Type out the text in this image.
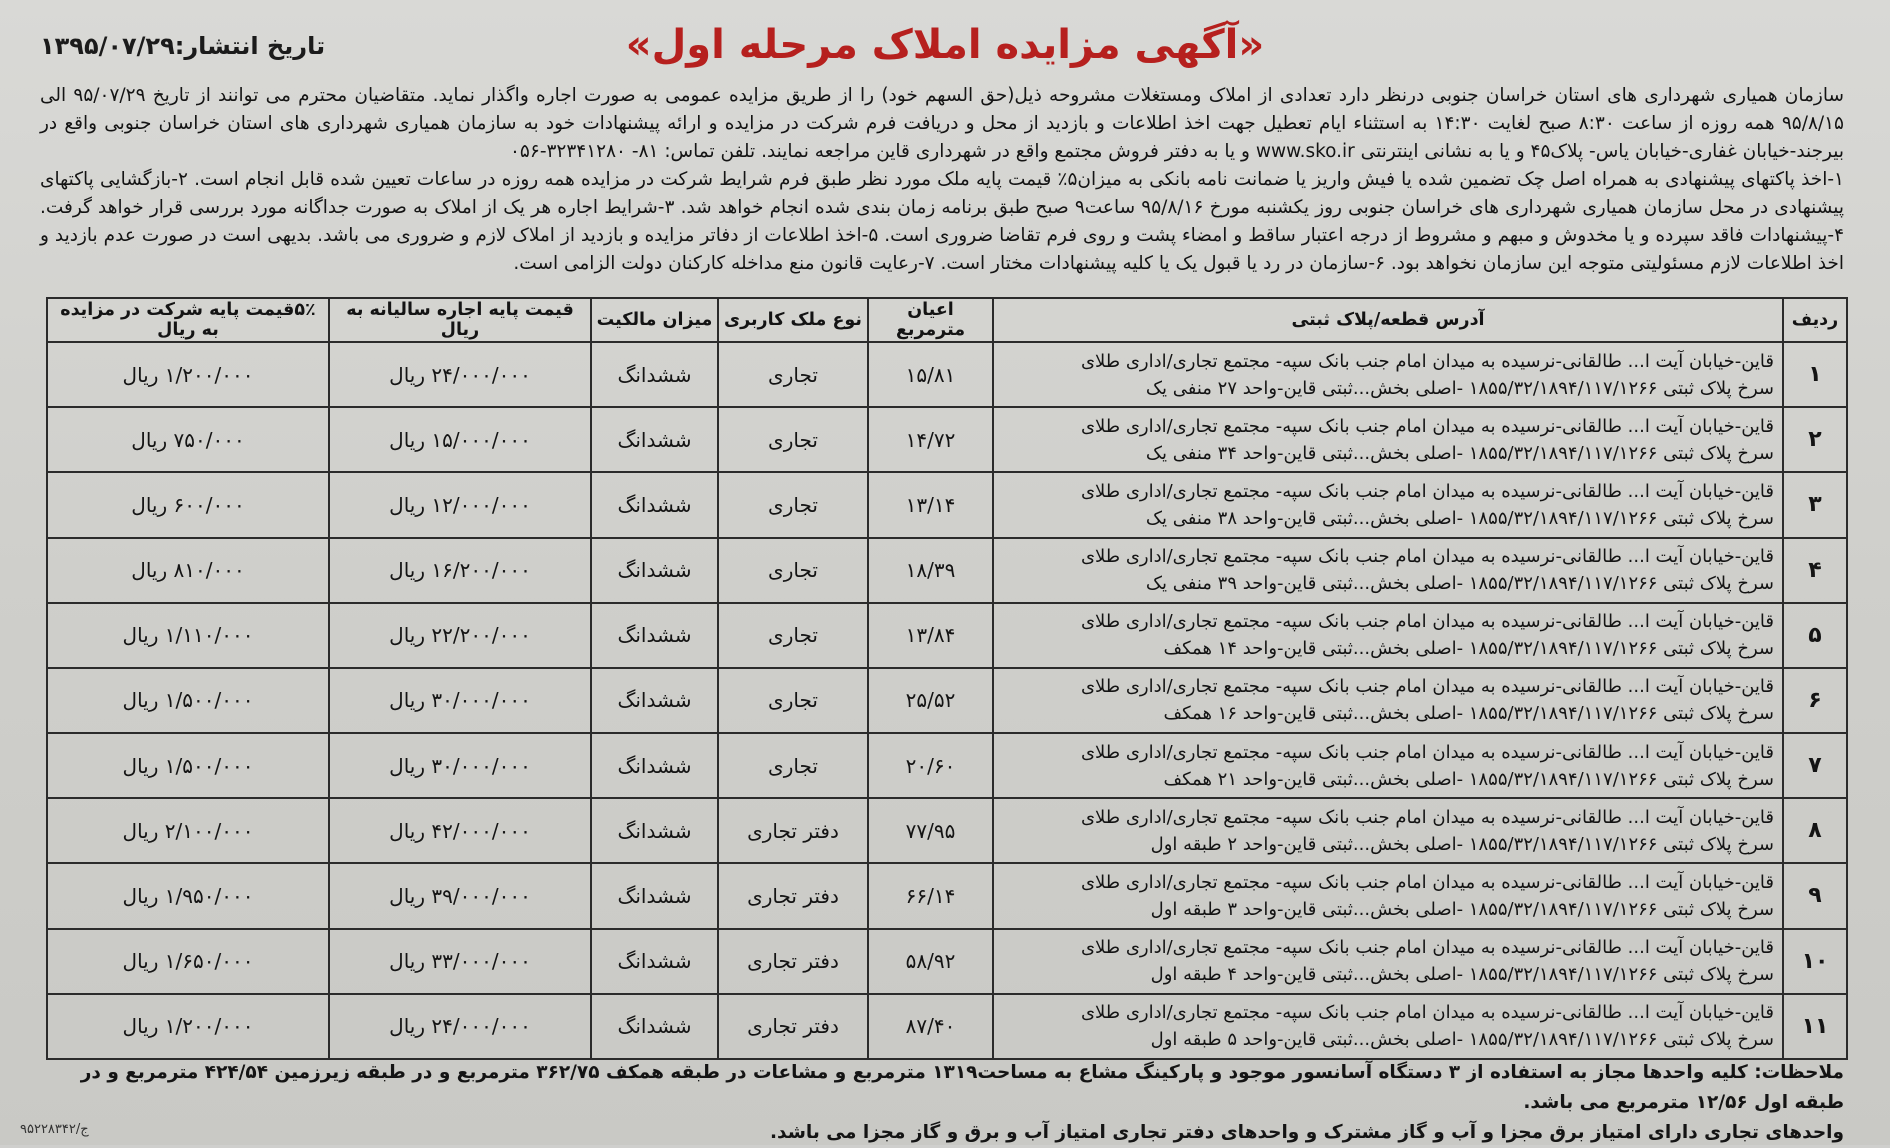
«آگهی مزایده املاک مرحله اول»
تاریخ انتشار:۱۳۹۵/۰۷/۲۹

سازمان همیاری شهرداری های استان خراسان جنوبی درنظر دارد تعدادی از املاک ومستغلات مشروحه ذیل(حق السهم خود) را از طریق مزایده عمومی به صورت اجاره واگذار نماید. متقاضیان محترم می توانند از تاریخ ۹۵/۰۷/۲۹ الی ۹۵/۸/۱۵ همه روزه از ساعت ۸:۳۰ صبح لغایت ۱۴:۳۰ به استثناء ایام تعطیل جهت اخذ اطلاعات و بازدید از محل و دریافت فرم شرکت در مزایده و ارائه پیشنهادات خود به سازمان همیاری شهرداری های استان خراسان جنوبی واقع در بیرجند-خیابان غفاری-خیابان یاس- پلاک۴۵ و یا به نشانی اینترنتی www.sko.ir و یا به دفتر فروش مجتمع واقع در شهرداری قاین مراجعه نمایند. تلفن تماس: ۸۱- ۳۲۳۴۱۲۸۰-۰۵۶

۱-اخذ پاکتهای پیشنهادی به همراه اصل چک تضمین شده یا فیش واریز یا ضمانت نامه بانکی به میزان۵٪ قیمت پایه ملک مورد نظر طبق فرم شرایط شرکت در مزایده همه روزه در ساعات تعیین شده قابل انجام است. ۲-بازگشایی پاکتهای پیشنهادی در محل سازمان همیاری شهرداری های خراسان جنوبی روز یکشنبه مورخ ۹۵/۸/۱۶ ساعت۹ صبح طبق برنامه زمان بندی شده انجام خواهد شد. ۳-شرایط اجاره هر یک از املاک به صورت جداگانه مورد بررسی قرار خواهد گرفت. ۴-پیشنهادات فاقد سپرده و یا مخدوش و مبهم و مشروط از درجه اعتبار ساقط و امضاء پشت و روی فرم تقاضا ضروری است. ۵-اخذ اطلاعات از دفاتر مزایده و بازدید از املاک لازم و ضروری می باشد. بدیهی است در صورت عدم بازدید و اخذ اطلاعات لازم مسئولیتی متوجه این سازمان نخواهد بود. ۶-سازمان در رد یا قبول یک یا کلیه پیشنهادات مختار است. ۷-رعایت قانون منع مداخله کارکنان دولت الزامی است.

ردیف	آدرس قطعه/پلاک ثبتی	اعیان مترمربع	نوع ملک کاربری	میزان مالکیت	قیمت پایه اجاره سالیانه به ریال	۵٪قیمت پایه شرکت در مزایده به ریال
۱	قاین-خیابان آیت ا... طالقانی-نرسیده به میدان امام جنب بانک سپه- مجتمع تجاری/اداری طلای
سرخ پلاک ثبتی ۱۸۵۵/۳۲/۱۸۹۴/۱۱۷/۱۲۶۶ -اصلی بخش...ثبتی قاین-واحد ۲۷ منفی یک	۱۵/۸۱	تجاری	ششدانگ	۲۴/۰۰۰/۰۰۰ ریال	۱/۲۰۰/۰۰۰ ریال
۲	قاین-خیابان آیت ا... طالقانی-نرسیده به میدان امام جنب بانک سپه- مجتمع تجاری/اداری طلای
سرخ پلاک ثبتی ۱۸۵۵/۳۲/۱۸۹۴/۱۱۷/۱۲۶۶ -اصلی بخش...ثبتی قاین-واحد ۳۴ منفی یک	۱۴/۷۲	تجاری	ششدانگ	۱۵/۰۰۰/۰۰۰ ریال	۷۵۰/۰۰۰ ریال
۳	قاین-خیابان آیت ا... طالقانی-نرسیده به میدان امام جنب بانک سپه- مجتمع تجاری/اداری طلای
سرخ پلاک ثبتی ۱۸۵۵/۳۲/۱۸۹۴/۱۱۷/۱۲۶۶ -اصلی بخش...ثبتی قاین-واحد ۳۸ منفی یک	۱۳/۱۴	تجاری	ششدانگ	۱۲/۰۰۰/۰۰۰ ریال	۶۰۰/۰۰۰ ریال
۴	قاین-خیابان آیت ا... طالقانی-نرسیده به میدان امام جنب بانک سپه- مجتمع تجاری/اداری طلای
سرخ پلاک ثبتی ۱۸۵۵/۳۲/۱۸۹۴/۱۱۷/۱۲۶۶ -اصلی بخش...ثبتی قاین-واحد ۳۹ منفی یک	۱۸/۳۹	تجاری	ششدانگ	۱۶/۲۰۰/۰۰۰ ریال	۸۱۰/۰۰۰ ریال
۵	قاین-خیابان آیت ا... طالقانی-نرسیده به میدان امام جنب بانک سپه- مجتمع تجاری/اداری طلای
سرخ پلاک ثبتی ۱۸۵۵/۳۲/۱۸۹۴/۱۱۷/۱۲۶۶ -اصلی بخش...ثبتی قاین-واحد ۱۴ همکف	۱۳/۸۴	تجاری	ششدانگ	۲۲/۲۰۰/۰۰۰ ریال	۱/۱۱۰/۰۰۰ ریال
۶	قاین-خیابان آیت ا... طالقانی-نرسیده به میدان امام جنب بانک سپه- مجتمع تجاری/اداری طلای
سرخ پلاک ثبتی ۱۸۵۵/۳۲/۱۸۹۴/۱۱۷/۱۲۶۶ -اصلی بخش...ثبتی قاین-واحد ۱۶ همکف	۲۵/۵۲	تجاری	ششدانگ	۳۰/۰۰۰/۰۰۰ ریال	۱/۵۰۰/۰۰۰ ریال
۷	قاین-خیابان آیت ا... طالقانی-نرسیده به میدان امام جنب بانک سپه- مجتمع تجاری/اداری طلای
سرخ پلاک ثبتی ۱۸۵۵/۳۲/۱۸۹۴/۱۱۷/۱۲۶۶ -اصلی بخش...ثبتی قاین-واحد ۲۱ همکف	۲۰/۶۰	تجاری	ششدانگ	۳۰/۰۰۰/۰۰۰ ریال	۱/۵۰۰/۰۰۰ ریال
۸	قاین-خیابان آیت ا... طالقانی-نرسیده به میدان امام جنب بانک سپه- مجتمع تجاری/اداری طلای
سرخ پلاک ثبتی ۱۸۵۵/۳۲/۱۸۹۴/۱۱۷/۱۲۶۶ -اصلی بخش...ثبتی قاین-واحد ۲ طبقه اول	۷۷/۹۵	دفتر تجاری	ششدانگ	۴۲/۰۰۰/۰۰۰ ریال	۲/۱۰۰/۰۰۰ ریال
۹	قاین-خیابان آیت ا... طالقانی-نرسیده به میدان امام جنب بانک سپه- مجتمع تجاری/اداری طلای
سرخ پلاک ثبتی ۱۸۵۵/۳۲/۱۸۹۴/۱۱۷/۱۲۶۶ -اصلی بخش...ثبتی قاین-واحد ۳ طبقه اول	۶۶/۱۴	دفتر تجاری	ششدانگ	۳۹/۰۰۰/۰۰۰ ریال	۱/۹۵۰/۰۰۰ ریال
۱۰	قاین-خیابان آیت ا... طالقانی-نرسیده به میدان امام جنب بانک سپه- مجتمع تجاری/اداری طلای
سرخ پلاک ثبتی ۱۸۵۵/۳۲/۱۸۹۴/۱۱۷/۱۲۶۶ -اصلی بخش...ثبتی قاین-واحد ۴ طبقه اول	۵۸/۹۲	دفتر تجاری	ششدانگ	۳۳/۰۰۰/۰۰۰ ریال	۱/۶۵۰/۰۰۰ ریال
۱۱	قاین-خیابان آیت ا... طالقانی-نرسیده به میدان امام جنب بانک سپه- مجتمع تجاری/اداری طلای
سرخ پلاک ثبتی ۱۸۵۵/۳۲/۱۸۹۴/۱۱۷/۱۲۶۶ -اصلی بخش...ثبتی قاین-واحد ۵ طبقه اول	۸۷/۴۰	دفتر تجاری	ششدانگ	۲۴/۰۰۰/۰۰۰ ریال	۱/۲۰۰/۰۰۰ ریال

ملاحظات: کلیه واحدها مجاز به استفاده از ۳ دستگاه آسانسور موجود و پارکینگ مشاع به مساحت۱۳۱۹ مترمربع و مشاعات در طبقه همکف ۳۶۲/۷۵ مترمربع و در طبقه زیرزمین ۴۲۴/۵۴ مترمربع و در طبقه اول ۱۲/۵۶ مترمربع می باشد.

واحدهای تجاری دارای امتیاز برق مجزا و آب و گاز مشترک و واحدهای دفتر تجاری امتیاز آب و برق و گاز مجزا می باشد.

ج/۹۵۲۲۸۳۴۲
